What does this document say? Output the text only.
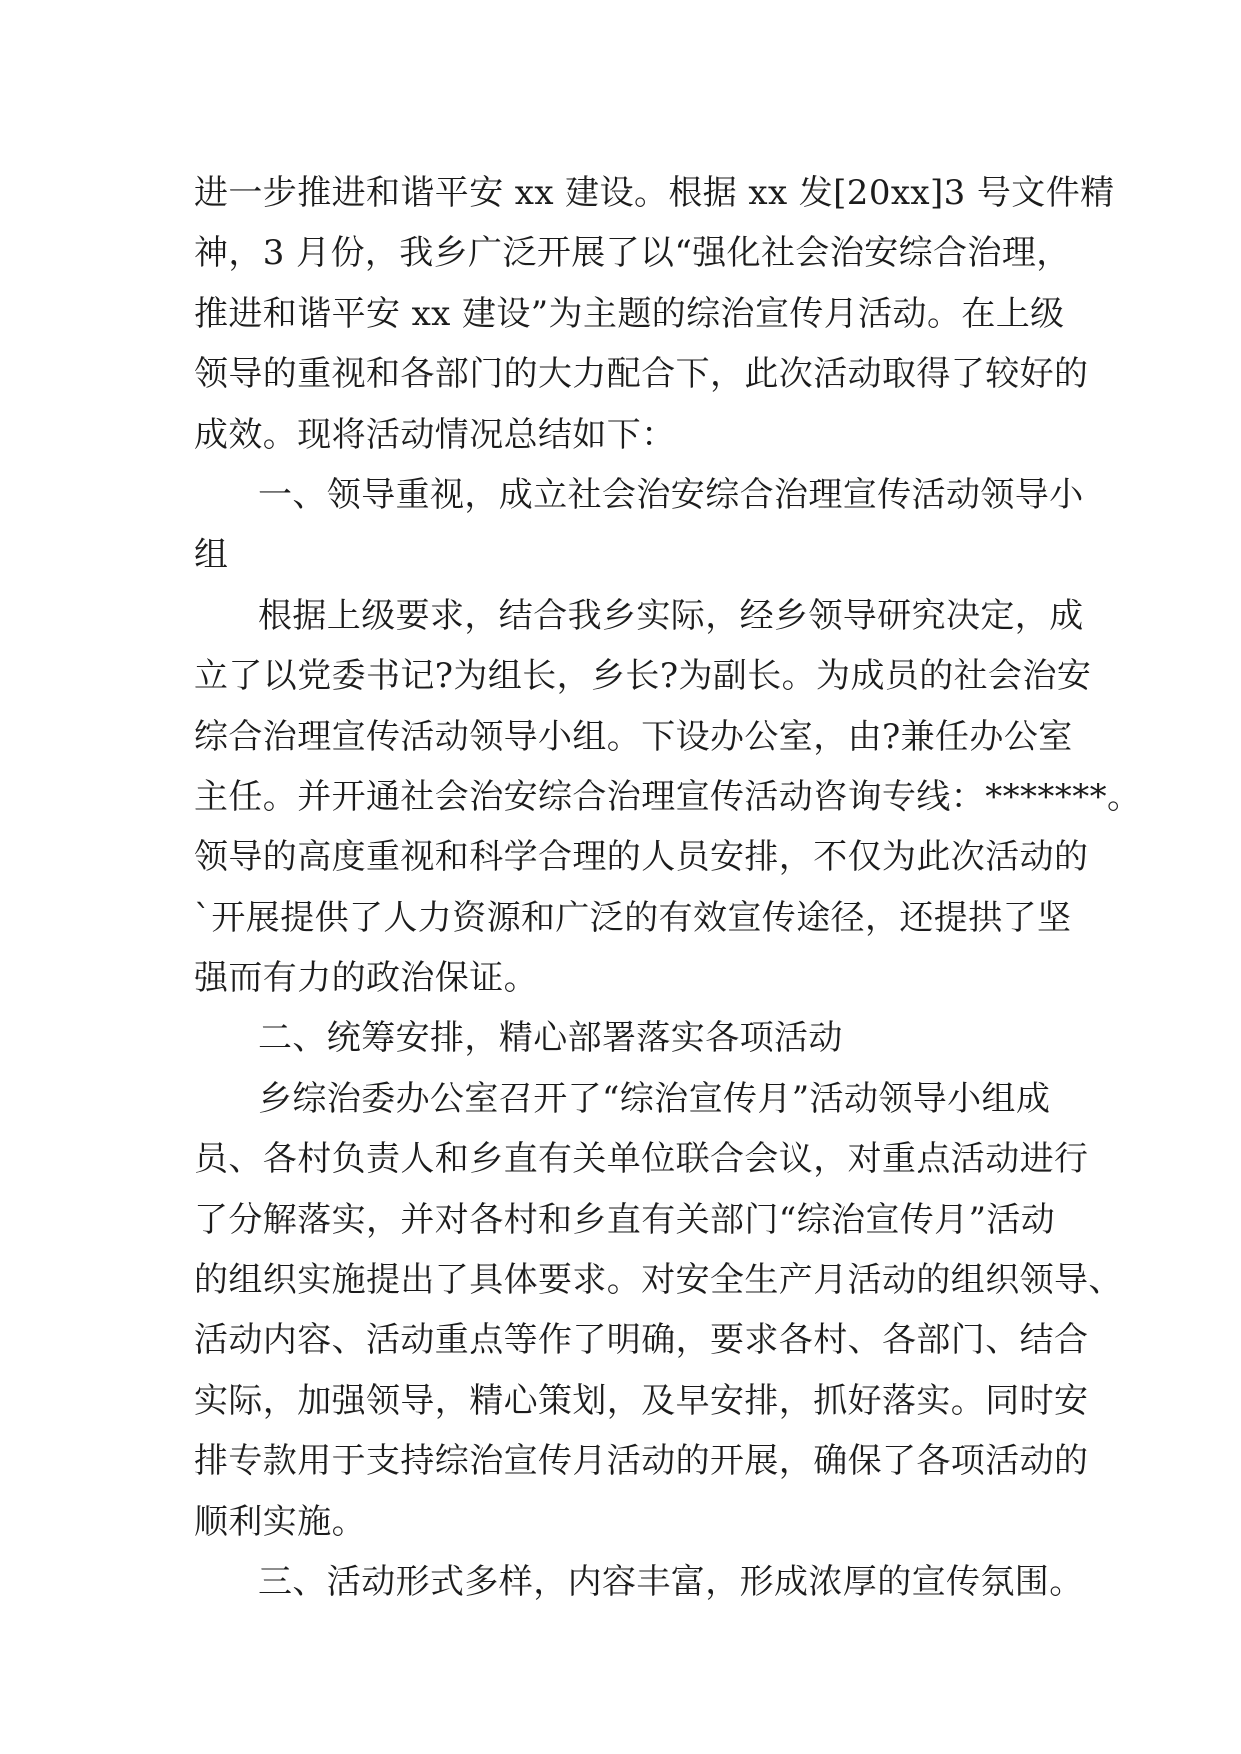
进一步推进和谐平安 xx 建设。根据 xx 发[20xx]3 号文件精
神，3 月份，我乡广泛开展了以“强化社会治安综合治理，
推进和谐平安 xx 建设”为主题的综治宣传月活动。在上级
领导的重视和各部门的大力配合下，此次活动取得了较好的
成效。现将活动情况总结如下：
一、领导重视，成立社会治安综合治理宣传活动领导小
组
根据上级要求，结合我乡实际，经乡领导研究决定，成
立了以党委书记?为组长，乡长?为副长。为成员的社会治安
综合治理宣传活动领导小组。下设办公室，由?兼任办公室
主任。并开通社会治安综合治理宣传活动咨询专线：*******。
领导的高度重视和科学合理的人员安排，不仅为此次活动的
`开展提供了人力资源和广泛的有效宣传途径，还提拱了坚
强而有力的政治保证。
二、统筹安排，精心部署落实各项活动
乡综治委办公室召开了“综治宣传月”活动领导小组成
员、各村负责人和乡直有关单位联合会议，对重点活动进行
了分解落实，并对各村和乡直有关部门“综治宣传月”活动
的组织实施提出了具体要求。对安全生产月活动的组织领导、
活动内容、活动重点等作了明确，要求各村、各部门、结合
实际，加强领导，精心策划，及早安排，抓好落实。同时安
排专款用于支持综治宣传月活动的开展，确保了各项活动的
顺利实施。
三、活动形式多样，内容丰富，形成浓厚的宣传氛围。
